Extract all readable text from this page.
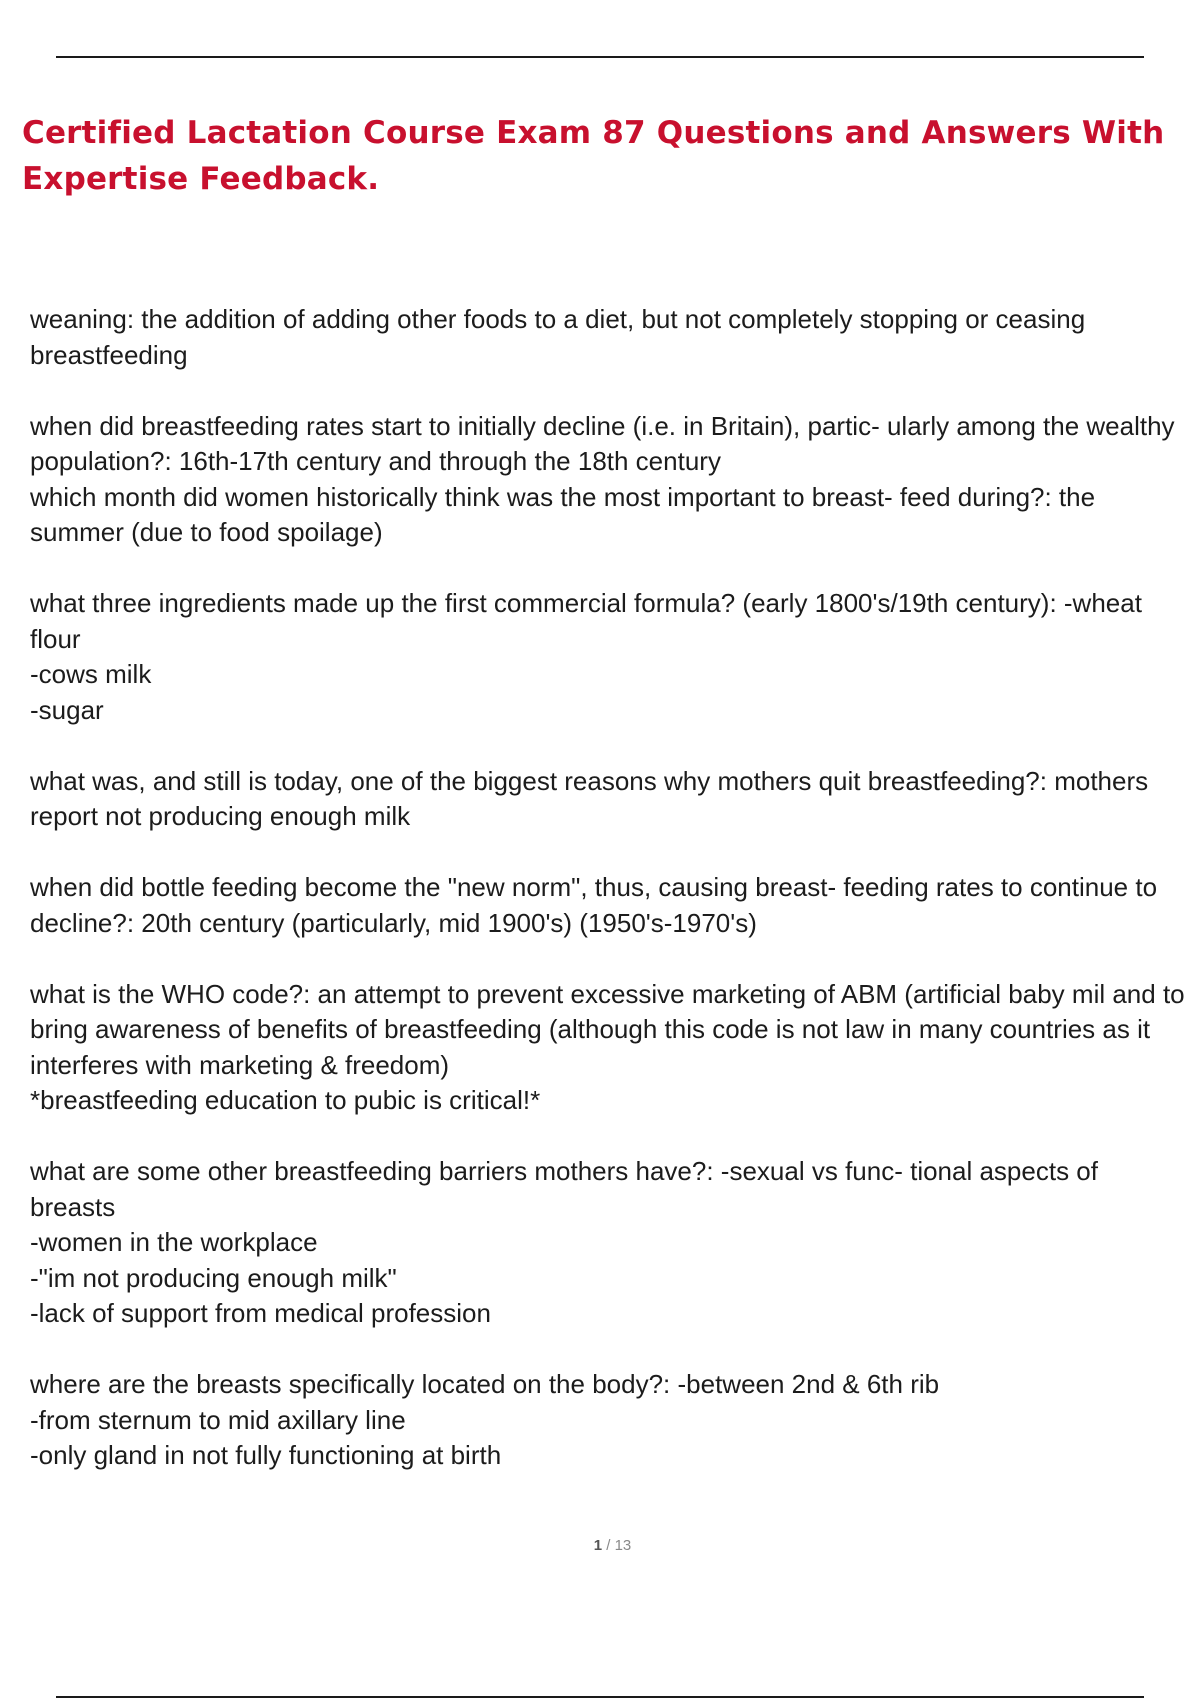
Certified Lactation Course Exam 87 Questions and Answers With Expertise Feedback.

weaning: the addition of adding other foods to a diet, but not completely stopping or ceasing breastfeeding

when did breastfeeding rates start to initially decline (i.e. in Britain), partic- ularly among the wealthy population?: 16th-17th century and through the 18th century

which month did women historically think was the most important to breast- feed during?: the summer (due to food spoilage)

what three ingredients made up the first commercial formula? (early 1800's/19th century): -wheat flour
-cows milk
-sugar

what was, and still is today, one of the biggest reasons why mothers quit breastfeeding?: mothers report not producing enough milk

when did bottle feeding become the "new norm", thus, causing breast- feeding rates to continue to decline?: 20th century (particularly, mid 1900's) (1950's-1970's)

what is the WHO code?: an attempt to prevent excessive marketing of ABM (artificial baby mil and to bring awareness of benefits of breastfeeding (although this code is not law in many countries as it interferes with marketing & freedom)
*breastfeeding education to pubic is critical!*

what are some other breastfeeding barriers mothers have?: -sexual vs func- tional aspects of breasts
-women in the workplace
-"im not producing enough milk"
-lack of support from medical profession

where are the breasts specifically located on the body?: -between 2nd & 6th rib
-from sternum to mid axillary line
-only gland in not fully functioning at birth

1 / 13
